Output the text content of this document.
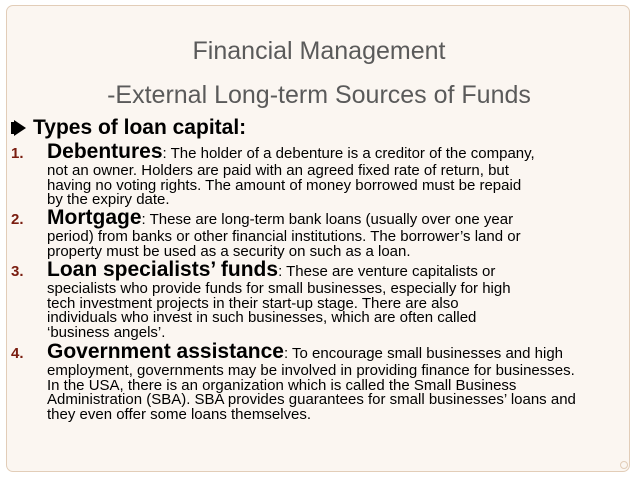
Financial Management
-External Long-term Sources of Funds
Types of loan capital:
1.	Debentures : The holder of a debenture is a creditor of the company,
not an owner. Holders are paid with an agreed fixed rate of return, but
having no voting rights. The amount of money borrowed must be repaid
by the expiry date.
2.	Mortgage : These are long-term bank loans (usually over one year
period) from banks or other financial institutions. The borrower’s land or
property must be used as a security on such as a loan.
3.	Loan specialists’ funds : These are venture capitalists or
specialists who provide funds for small businesses, especially for high
tech investment projects in their start-up stage. There are also
individuals who invest in such businesses, which are often called
‘business angels’.
4.	Government assistance : To encourage small businesses and high
employment, governments may be involved in providing finance for businesses.
In the USA, there is an organization which is called the Small Business
Administration (SBA). SBA provides guarantees for small businesses’ loans and
they even offer some loans themselves.
